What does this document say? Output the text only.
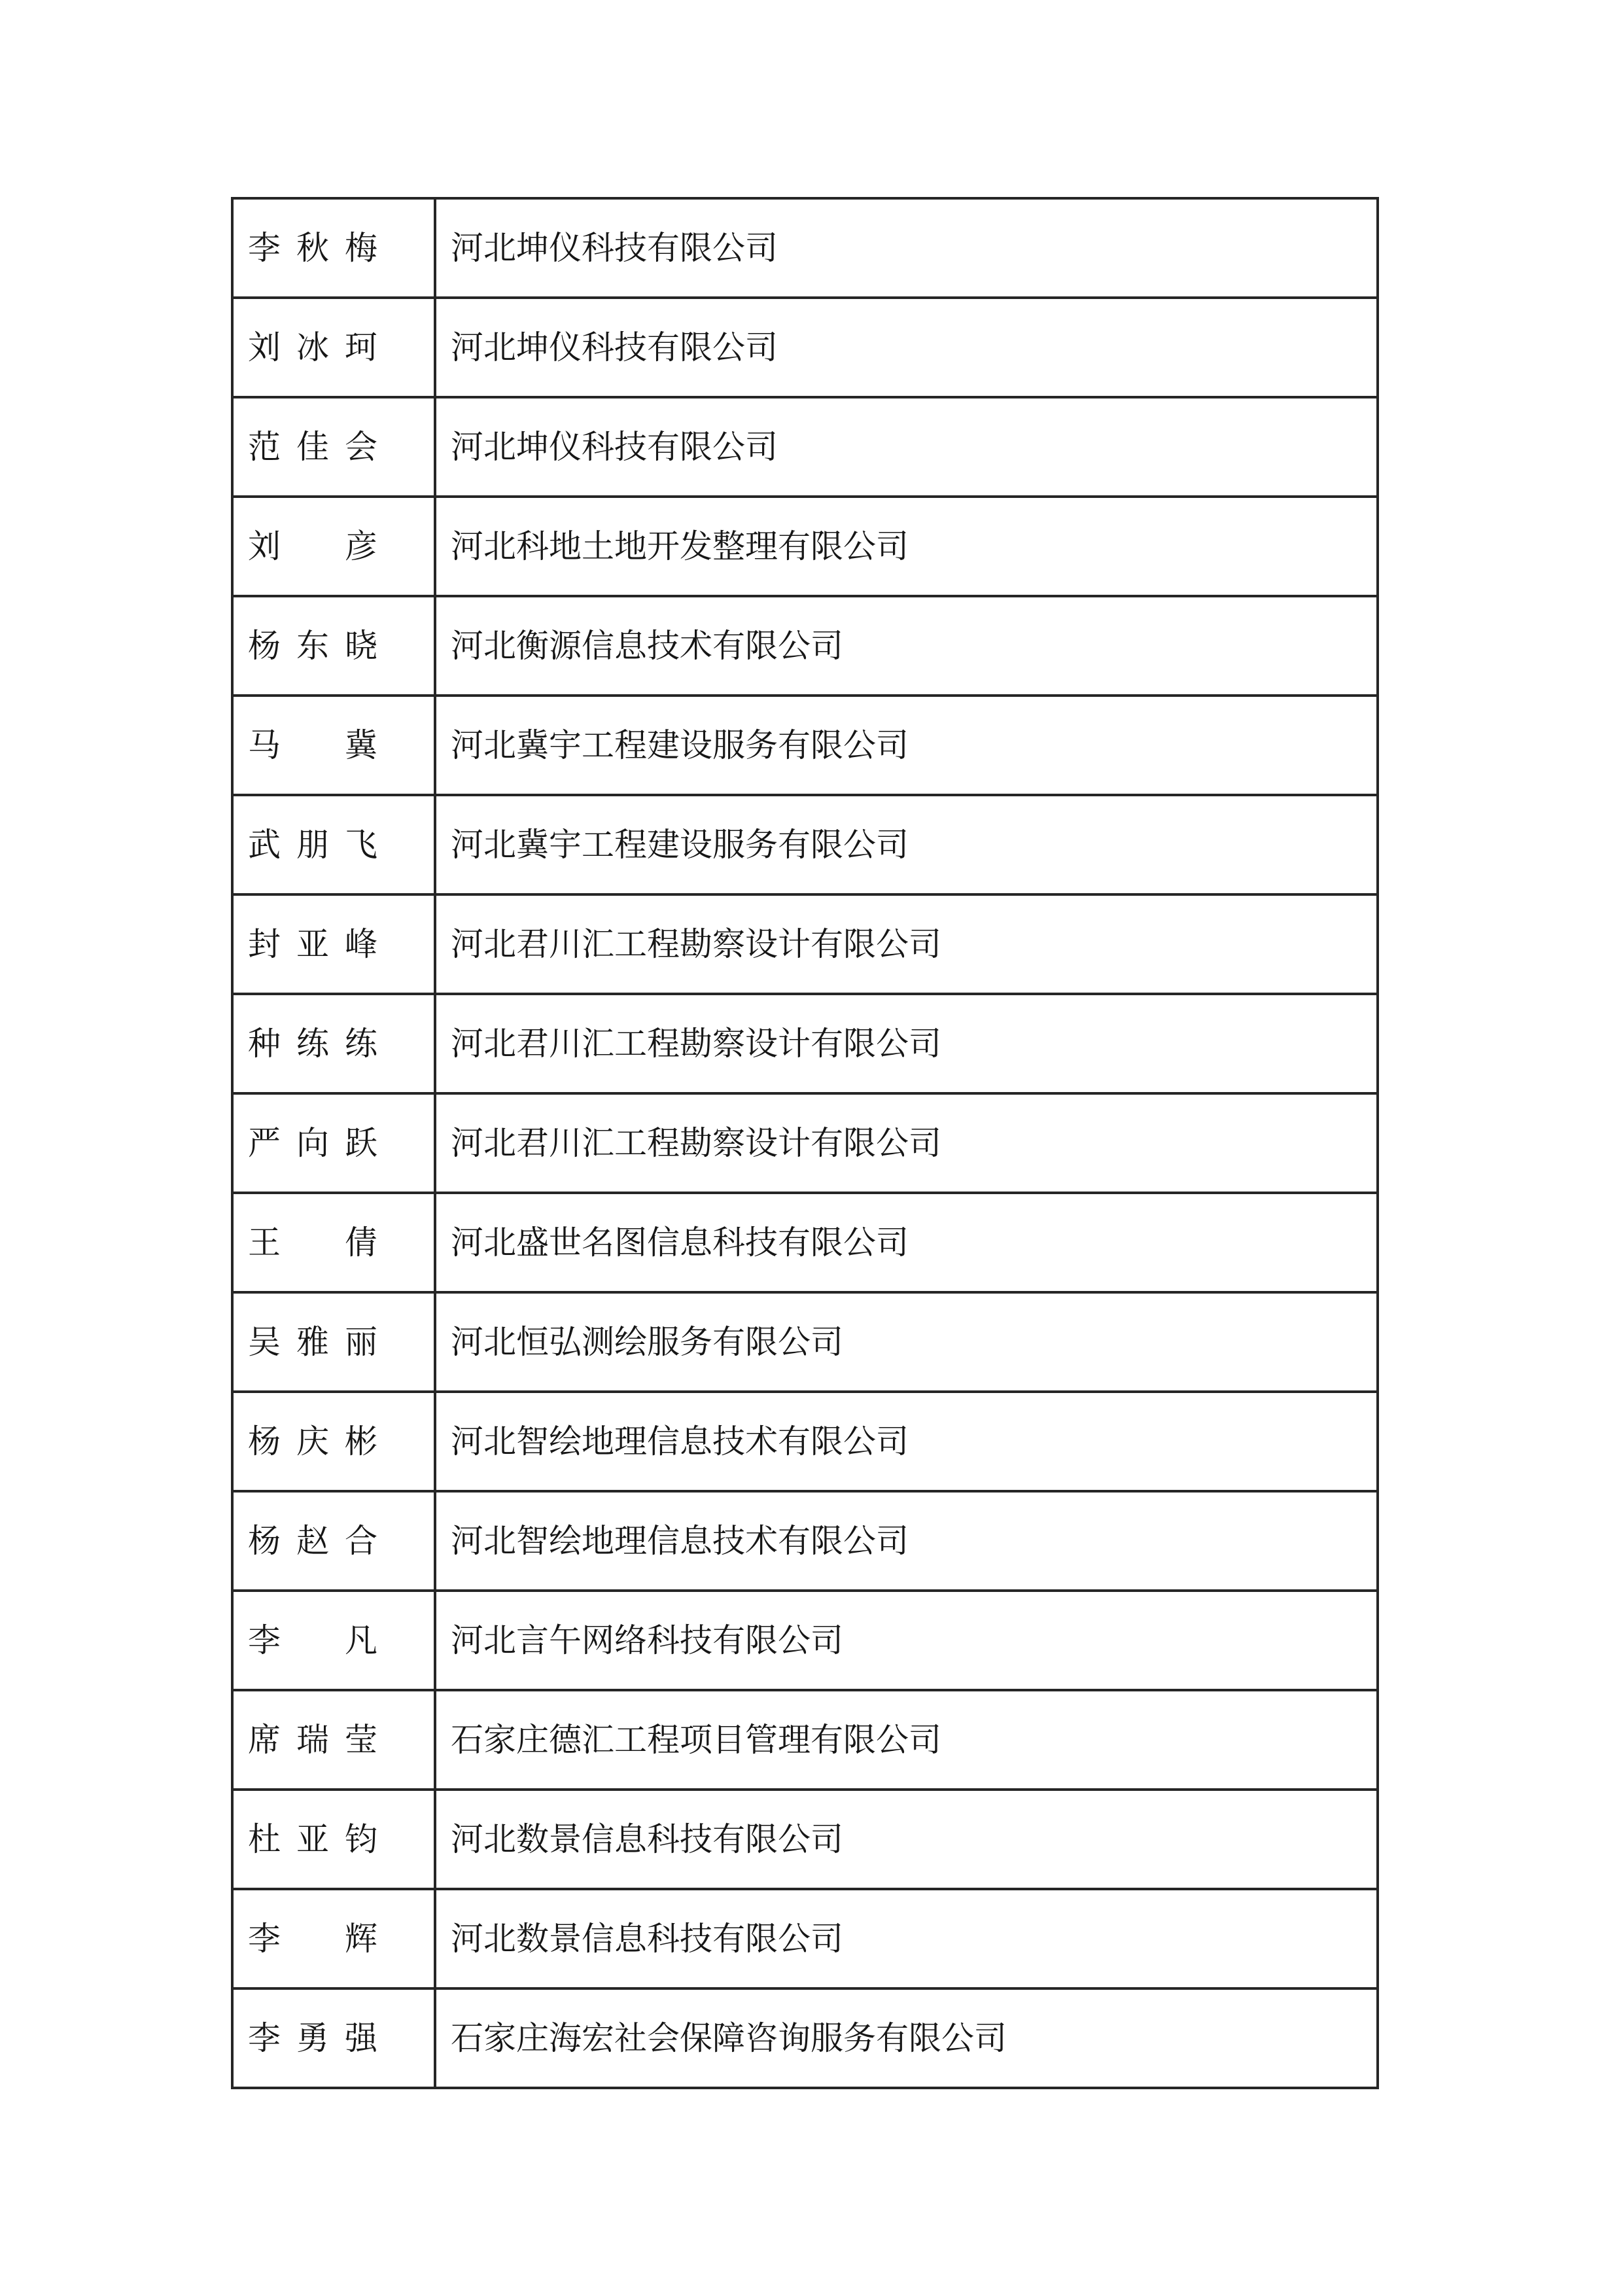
李秋梅	河北坤仪科技有限公司
刘冰珂	河北坤仪科技有限公司
范佳会	河北坤仪科技有限公司
刘彦	河北科地土地开发整理有限公司
杨东晓	河北衡源信息技术有限公司
马冀	河北冀宇工程建设服务有限公司
武朋飞	河北冀宇工程建设服务有限公司
封亚峰	河北君川汇工程勘察设计有限公司
种练练	河北君川汇工程勘察设计有限公司
严向跃	河北君川汇工程勘察设计有限公司
王倩	河北盛世名图信息科技有限公司
吴雅丽	河北恒弘测绘服务有限公司
杨庆彬	河北智绘地理信息技术有限公司
杨赵合	河北智绘地理信息技术有限公司
李凡	河北言午网络科技有限公司
席瑞莹	石家庄德汇工程项目管理有限公司
杜亚钧	河北数景信息科技有限公司
李辉	河北数景信息科技有限公司
李勇强	石家庄海宏社会保障咨询服务有限公司
